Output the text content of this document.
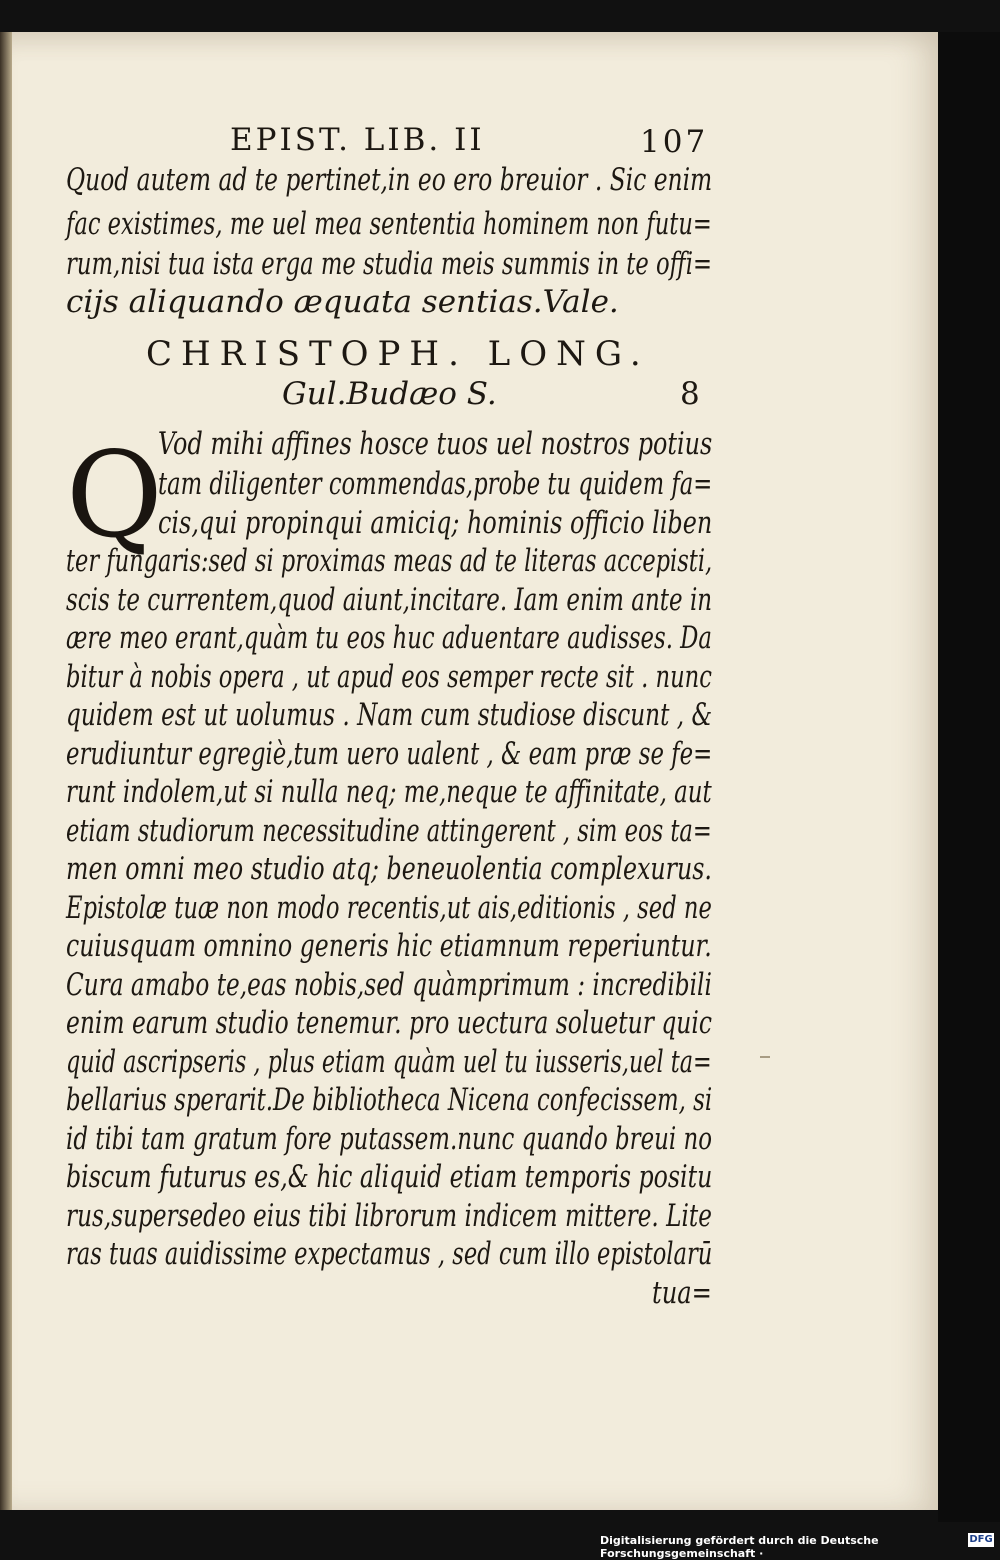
EPIST. LIB. II	107
Quod autem ad te pertinet,in eo ero breuior . Sic enim
fac existimes, me uel mea sententia hominem non futu=
rum,nisi tua ista erga me studia meis summis in te offi=
cijs aliquando æquata sentias.Vale.
CHRISTOPH. LONG.
Gul.Budæo S.	8
Q
Vod mihi affines hosce tuos uel nostros potius
tam diligenter commendas,probe tu quidem fa=
cis,qui propinqui amiciq; hominis officio liben
ter fungaris:sed si proximas meas ad te literas accepisti,
scis te currentem,quod aiunt,incitare. Iam enim ante in
ære meo erant,quàm tu eos huc aduentare audisses. Da
bitur à nobis opera , ut apud eos semper recte sit . nunc
quidem est ut uolumus . Nam cum studiose discunt , &
erudiuntur egregiè,tum uero ualent , & eam præ se fe=
runt indolem,ut si nulla neq; me,neque te affinitate, aut
etiam studiorum necessitudine attingerent , sim eos ta=
men omni meo studio atq; beneuolentia complexurus.
Epistolæ tuæ non modo recentis,ut ais,editionis , sed ne
cuiusquam omnino generis hic etiamnum reperiuntur.
Cura amabo te,eas nobis,sed quàmprimum : incredibili
enim earum studio tenemur. pro uectura soluetur quic
quid ascripseris , plus etiam quàm uel tu iusseris,uel ta=
bellarius sperarit.De bibliotheca Nicena confecissem, si
id tibi tam gratum fore putassem.nunc quando breui no
biscum futurus es,& hic aliquid etiam temporis positu
rus,supersedeo eius tibi librorum indicem mittere. Lite
ras tuas auidissime expectamus , sed cum illo epistolarū
tua=
Digitalisierung gefördert durch die Deutsche Forschungsgemeinschaft ·
DFG
